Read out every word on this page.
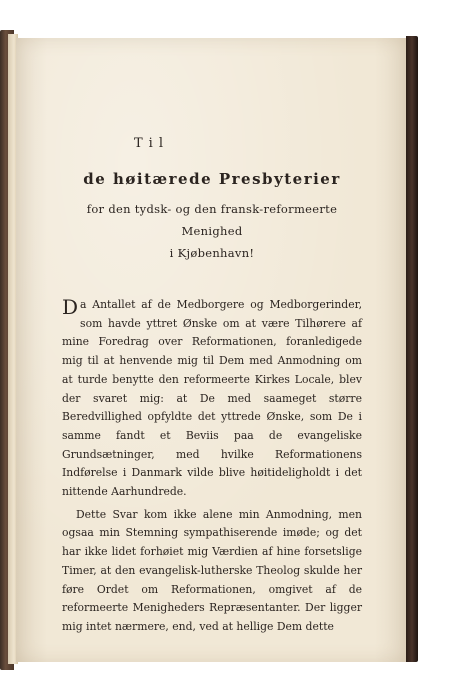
Til
de høitærede Presbyterier
for den tydsk- og den fransk-reformeerte Menighed
i Kjøbenhavn!

Da Antallet af de Medborgere og Medborgerinder, som havde yttret Ønske om at være Tilhørere af mine Foredrag over Reformationen, foranledigede mig til at henvende mig til Dem med Anmodning om at turde benytte den reformeerte Kirkes Locale, blev der svaret mig: at De med saameget større Beredvillighed opfyldte det yttrede Ønske, som De i samme fandt et Beviis paa de evangeliske Grundsætninger, med hvilke Reformationens Indførelse i Danmark vilde blive høitideligholdt i det nittende Aarhundrede.

Dette Svar kom ikke alene min Anmodning, men ogsaa min Stemning sympathiserende imøde; og det har ikke lidet forhøiet mig Værdien af hine forsetslige Timer, at den evangelisk-lutherske Theolog skulde her føre Ordet om Reformationen, omgivet af de reformeerte Menigheders Repræsentanter. Der ligger mig intet nærmere, end, ved at hellige Dem dette
